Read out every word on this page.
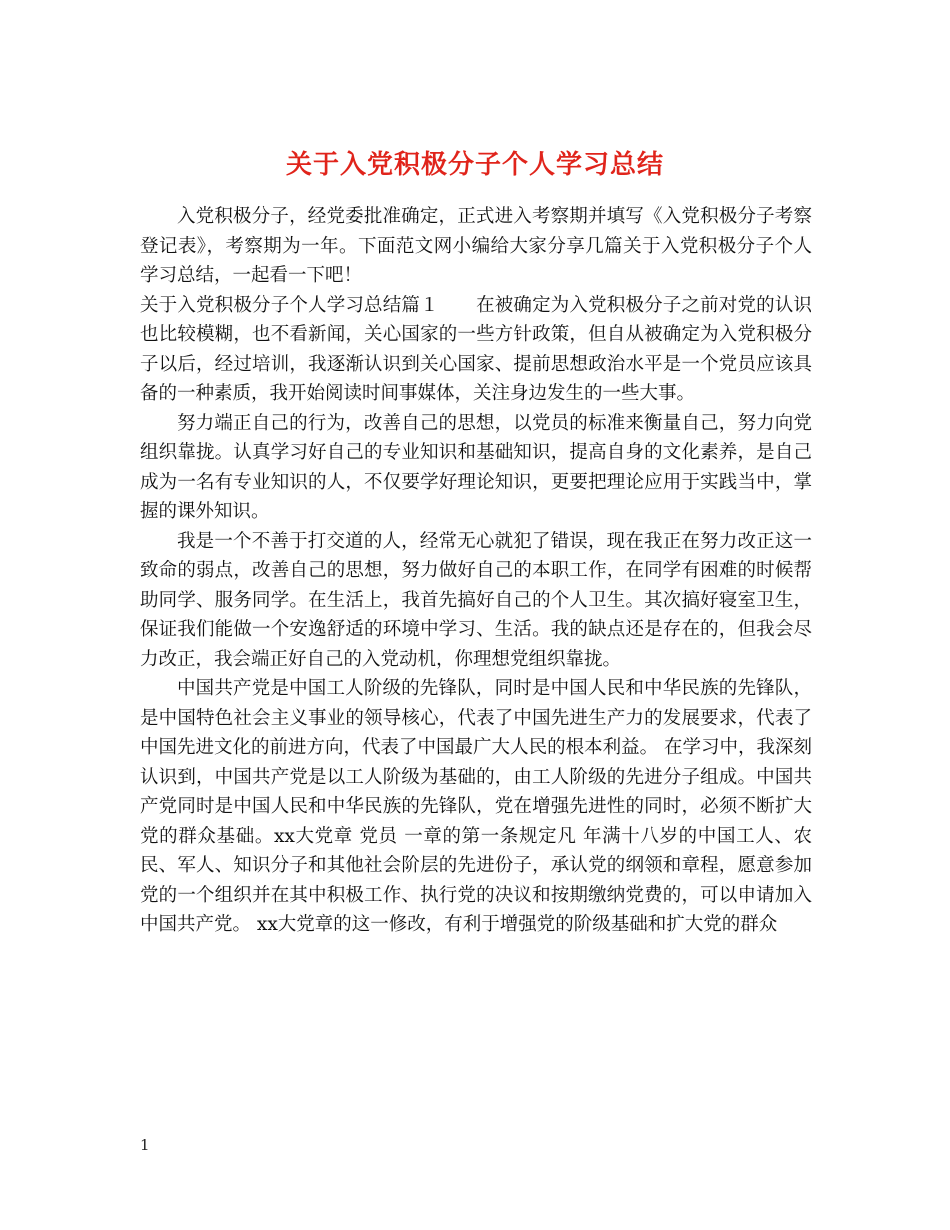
关于入党积极分子个人学习总结

入党积极分子，经党委批准确定，正式进入考察期并填写《入党积极分子考察登记表》，考察期为一年。下面范文网小编给大家分享几篇关于入党积极分子个人学习总结，一起看一下吧！

关于入党积极分子个人学习总结篇１　　在被确定为入党积极分子之前对党的认识也比较模糊，也不看新闻，关心国家的一些方针政策，但自从被确定为入党积极分子以后，经过培训，我逐渐认识到关心国家、提前思想政治水平是一个党员应该具备的一种素质，我开始阅读时间事媒体，关注身边发生的一些大事。

努力端正自己的行为，改善自己的思想，以党员的标准来衡量自己，努力向党组织靠拢。认真学习好自己的专业知识和基础知识，提高自身的文化素养，是自己成为一名有专业知识的人，不仅要学好理论知识，更要把理论应用于实践当中，掌握的课外知识。

我是一个不善于打交道的人，经常无心就犯了错误，现在我正在努力改正这一致命的弱点，改善自己的思想，努力做好自己的本职工作，在同学有困难的时候帮助同学、服务同学。在生活上，我首先搞好自己的个人卫生。其次搞好寝室卫生，保证我们能做一个安逸舒适的环境中学习、生活。我的缺点还是存在的，但我会尽力改正，我会端正好自己的入党动机，你理想党组织靠拢。

中国共产党是中国工人阶级的先锋队，同时是中国人民和中华民族的先锋队，是中国特色社会主义事业的领导核心，代表了中国先进生产力的发展要求，代表了中国先进文化的前进方向，代表了中国最广大人民的根本利益。 在学习中，我深刻认识到，中国共产党是以工人阶级为基础的，由工人阶级的先进分子组成。中国共产党同时是中国人民和中华民族的先锋队，党在增强先进性的同时，必须不断扩大党的群众基础。xx大党章 党员 一章的第一条规定凡 年满十八岁的中国工人、农民、军人、知识分子和其他社会阶层的先进份子，承认党的纲领和章程，愿意参加党的一个组织并在其中积极工作、执行党的决议和按期缴纳党费的，可以申请加入中国共产党。 xx大党章的这一修改，有利于增强党的阶级基础和扩大党的群众

1
